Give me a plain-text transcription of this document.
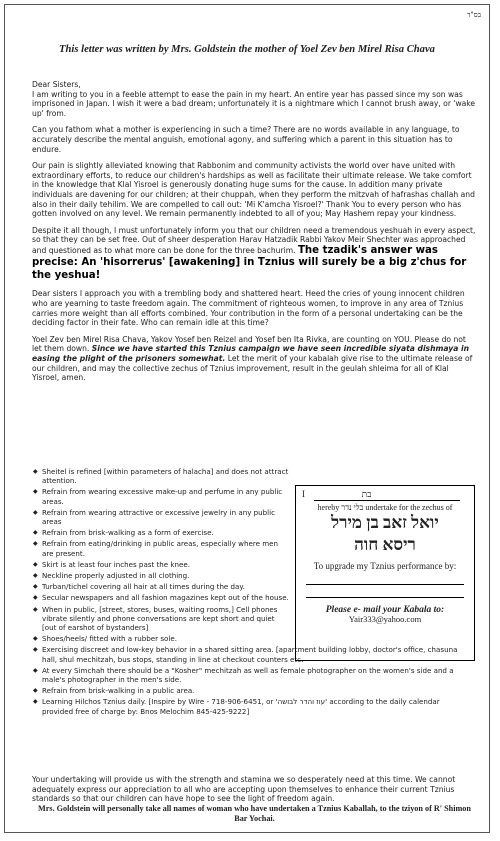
בס"ד
This letter was written by Mrs. Goldstein the mother of Yoel Zev ben Mirel Risa Chava
Dear Sisters,

I am writing to you in a feeble attempt to ease the pain in my heart. An entire year has passed since my son was imprisoned in Japan. I wish it were a bad dream; unfortunately it is a nightmare which I cannot brush away, or 'wake up' from.

Can you fathom what a mother is experiencing in such a time? There are no words available in any language, to accurately describe the mental anguish, emotional agony, and suffering which a parent in this situation has to endure.

Our pain is slightly alleviated knowing that Rabbonim and community activists the world over have united with extraordinary efforts, to reduce our children's hardships as well as facilitate their ultimate release. We take comfort in the knowledge that Klal Yisroel is generously donating huge sums for the cause. In addition many private individuals are davening for our children; at their chuppah, when they perform the mitzvah of hafrashas challah and also in their daily tehilim. We are compelled to call out: 'Mi K'amcha Yisroel?' Thank You to every person who has gotten involved on any level. We remain permanently indebted to all of you; May Hashem repay your kindness.

Despite it all though, I must unfortunately inform you that our children need a tremendous yeshuah in every aspect, so that they can be set free. Out of sheer desperation Harav Hatzadik Rabbi Yakov Meir Shechter was approached and questioned as to what more can be done for the three bachurim. The tzadik's answer was precise: An 'hisorrerus' [awakening] in Tznius will surely be a big z'chus for the yeshua!

Dear sisters I approach you with a trembling body and shattered heart. Heed the cries of young innocent children who are yearning to taste freedom again. The commitment of righteous women, to improve in any area of Tznius carries more weight than all efforts combined. Your contribution in the form of a personal undertaking can be the deciding factor in their fate. Who can remain idle at this time?

Yoel Zev ben Mirel Risa Chava, Yakov Yosef ben Reizel and Yosef ben Ita Rivka, are counting on YOU. Please do not let them down. Since we have started this Tznius campaign we have seen incredible siyata dishmaya in easing the plight of the prisoners somewhat. Let the merit of your kabalah give rise to the ultimate release of our children, and may the collective zechus of Tznius improvement, result in the geulah shleima for all of Klal Yisroel, amen.

◆ Sheitel is refined [within parameters of halacha] and does not attract attention.
◆ Refrain from wearing excessive make-up and perfume in any public areas.
◆ Refrain from wearing attractive or excessive jewelry in any public areas
◆ Refrain from brisk-walking as a form of exercise.
◆ Refrain from eating/drinking in public areas, especially where men are present.
◆ Skirt is at least four inches past the knee.
◆ Neckline properly adjusted in all clothing.
◆ Turban/tichel covering all hair at all times during the day.
◆ Secular newspapers and all fashion magazines kept out of the house.
◆ When in public, [street, stores, buses, waiting rooms,] Cell phones vibrate silently and phone conversations are kept short and quiet [out of earshot of bystanders]
◆ Shoes/heels/ fitted with a rubber sole.
◆ Exercising discreet and low-key behavior in a shared sitting area. [apartment building lobby, doctor's office, chasuna hall, shul mechitzah, bus stops, standing in line at checkout counters etc.
◆ At every Simchah there should be a "Kosher" mechitzah as well as female photographer on the women's side and a male's photographer in the men's side.
◆ Refrain from brisk-walking in a public area.
◆ Learning Hilchos Tznius daily. [Inspire by Wire - 718-906-6451, or 'עוז והדר לבושה' according to the daily calendar provided free of charge by: Bnos Melochim 845-425-9222]
I	בת
hereby בלי נדר undertake for the zechus of
יואל זאב בן מירל
ריסא חוה
To upgrade my Tznius performance by:
Please e- mail your Kabala to:
Yair333@yahoo.com
Your undertaking will provide us with the strength and stamina we so desperately need at this time. We cannot adequately express our appreciation to all who are accepting upon themselves to enhance their current Tznius standards so that our children can have hope to see the light of freedom again.
Mrs. Goldstein will personally take all names of woman who have undertaken a Tznius Kaballah, to the tziyon of R' Shimon Bar Yochai.
